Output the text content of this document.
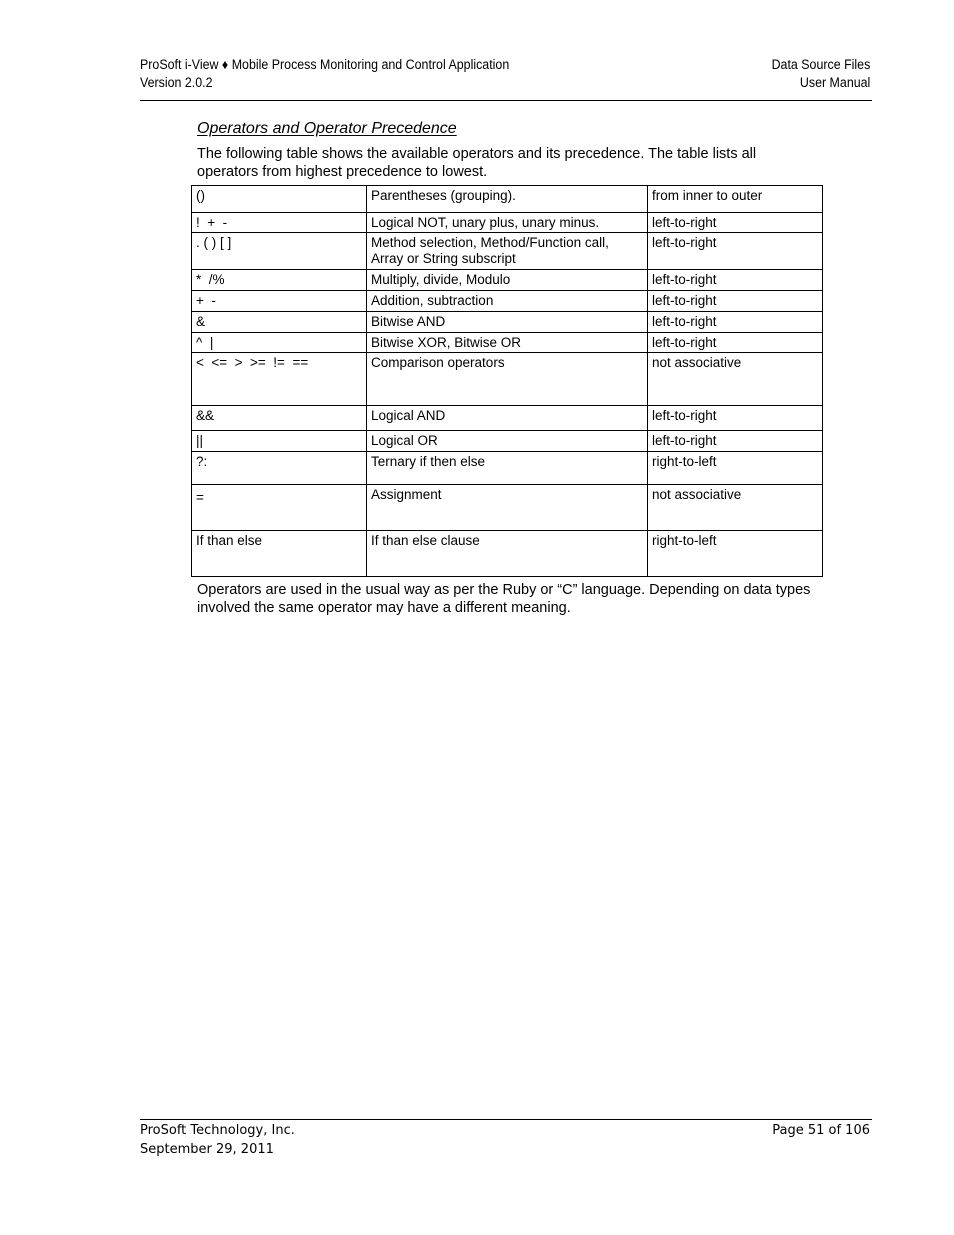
ProSoft i-View ♦ Mobile Process Monitoring and Control Application
Version 2.0.2
Data Source Files
User Manual
Operators and Operator Precedence
The following table shows the available operators and its precedence. The table lists all operators from highest precedence to lowest.
()	Parentheses (grouping).	from inner to outer
!  +  -	Logical NOT, unary plus, unary minus.	left-to-right
. ( ) [ ]	Method selection, Method/Function call, Array or String subscript	left-to-right
*  /%	Multiply, divide, Modulo	left-to-right
+  -	Addition, subtraction	left-to-right
&	Bitwise AND	left-to-right
^  |	Bitwise XOR, Bitwise OR	left-to-right
<  <=  >  >=  !=  ==	Comparison operators	not associative
&&	Logical AND	left-to-right
||	Logical OR	left-to-right
?:	Ternary if then else	right-to-left
=	Assignment	not associative
If than else	If than else clause	right-to-left
Operators are used in the usual way as per the Ruby or “C” language. Depending on data types involved the same operator may have a different meaning.
ProSoft Technology, Inc.
September 29, 2011
Page 51 of 106
